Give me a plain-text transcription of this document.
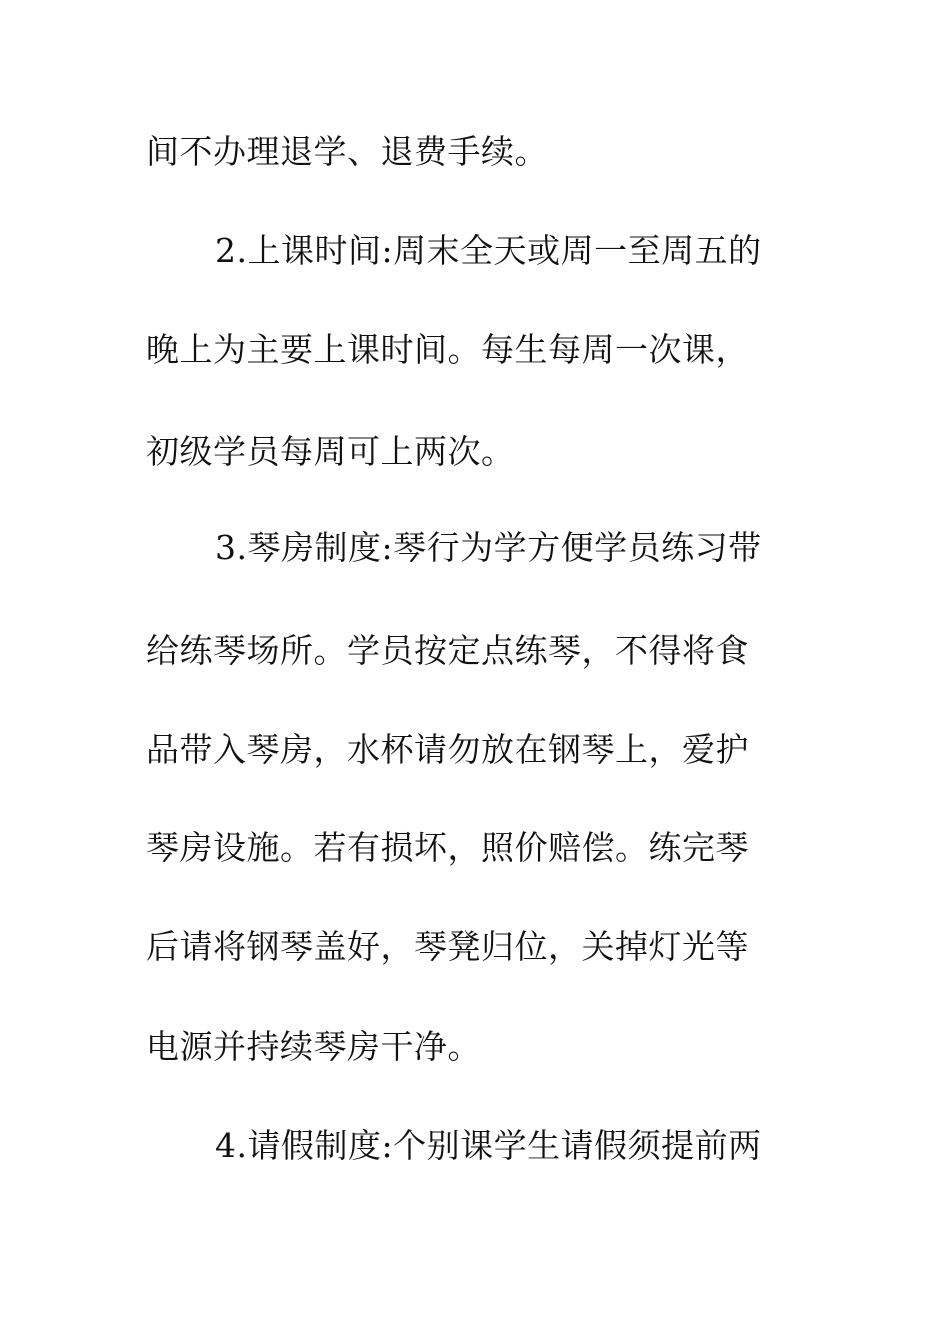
间不办理退学、退费手续。
2.上课时间:周末全天或周一至周五的
晚上为主要上课时间。每生每周一次课，
初级学员每周可上两次。
3.琴房制度:琴行为学方便学员练习带
给练琴场所。学员按定点练琴，不得将食
品带入琴房，水杯请勿放在钢琴上，爱护
琴房设施。若有损坏，照价赔偿。练完琴
后请将钢琴盖好，琴凳归位，关掉灯光等
电源并持续琴房干净。
4.请假制度:个别课学生请假须提前两
